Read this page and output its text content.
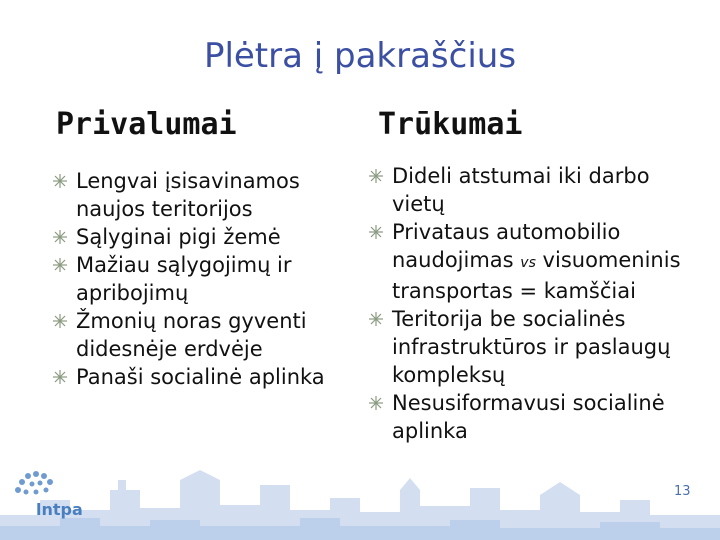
Plėtra į pakraščius
Privalumai	Trūkumai
Lengvai įsisavinamos naujos teritorijos
Sąlyginai pigi žemė
Mažiau sąlygojimų ir apribojimų
Žmonių noras gyventi didesnėje erdvėje
Panaši socialinė aplinka
Dideli atstumai iki darbo vietų
Privataus automobilio naudojimas vs visuomeninis transportas = kamščiai
Teritorija be socialinės infrastruktūros ir paslaugų kompleksų
Nesusiformavusi socialinė aplinka
lntpa
13
